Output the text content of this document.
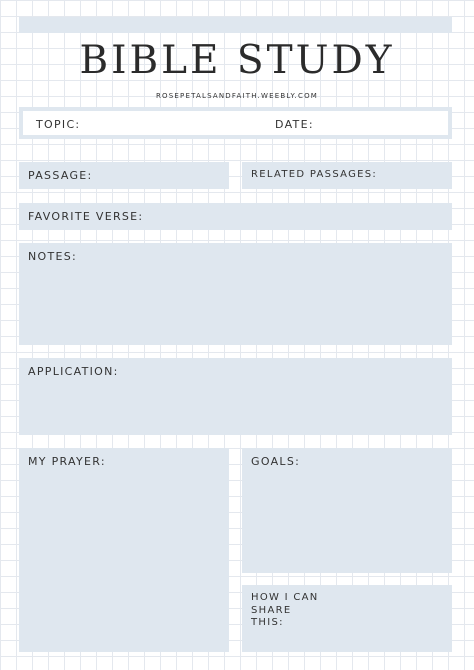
BIBLE STUDY
ROSEPETALSANDFAITH.WEEBLY.COM
TOPIC:	DATE:
PASSAGE:	RELATED PASSAGES:
FAVORITE VERSE:
NOTES:
APPLICATION:
MY PRAYER:	GOALS:
HOW I CAN
SHARE
THIS:
